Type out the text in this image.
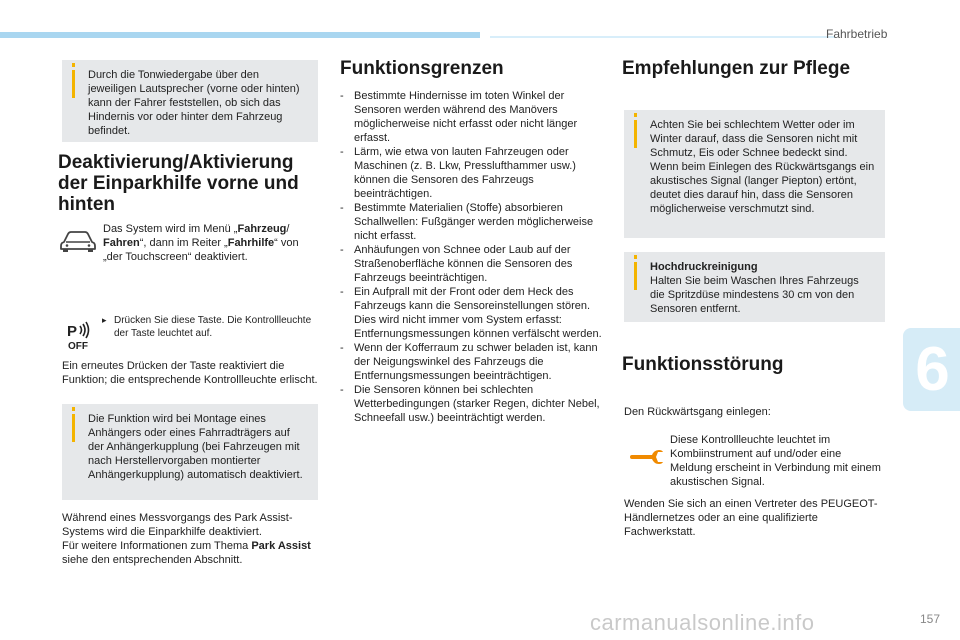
Fahrbetrieb
6
Durch die Tonwiedergabe über den jeweiligen Lautsprecher (vorne oder hinten) kann der Fahrer feststellen, ob sich das Hindernis vor oder hinter dem Fahrzeug befindet.
Deaktivierung/Aktivierung der Einparkhilfe vorne und hinten
Das System wird im Menü „Fahrzeug/ Fahren“, dann im Reiter „Fahrhilfe“ von „der Touchscreen“ deaktiviert.
P
OFF
▸ Drücken Sie diese Taste. Die Kontrollleuchte der Taste leuchtet auf.
Ein erneutes Drücken der Taste reaktiviert die Funktion; die entsprechende Kontrollleuchte erlischt.
Die Funktion wird bei Montage eines Anhängers oder eines Fahrradträgers auf der Anhängerkupplung (bei Fahrzeugen mit nach Herstellervorgaben montierter Anhängerkupplung) automatisch deaktiviert.
Während eines Messvorgangs des Park Assist-Systems wird die Einparkhilfe deaktiviert.
Für weitere Informationen zum Thema Park Assist siehe den entsprechenden Abschnitt.
Funktionsgrenzen
- Bestimmte Hindernisse im toten Winkel der Sensoren werden während des Manövers möglicherweise nicht erfasst oder nicht länger erfasst.
- Lärm, wie etwa von lauten Fahrzeugen oder Maschinen (z. B. Lkw, Presslufthammer usw.) können die Sensoren des Fahrzeugs beeinträchtigen.
- Bestimmte Materialien (Stoffe) absorbieren Schallwellen: Fußgänger werden möglicherweise nicht erfasst.
- Anhäufungen von Schnee oder Laub auf der Straßenoberfläche können die Sensoren des Fahrzeugs beeinträchtigen.
- Ein Aufprall mit der Front oder dem Heck des Fahrzeugs kann die Sensoreinstellungen stören. Dies wird nicht immer vom System erfasst: Entfernungsmessungen können verfälscht werden.
- Wenn der Kofferraum zu schwer beladen ist, kann der Neigungswinkel des Fahrzeugs die Entfernungsmessungen beeinträchtigen.
- Die Sensoren können bei schlechten Wetterbedingungen (starker Regen, dichter Nebel, Schneefall usw.) beeinträchtigt werden.
Empfehlungen zur Pflege
Achten Sie bei schlechtem Wetter oder im Winter darauf, dass die Sensoren nicht mit Schmutz, Eis oder Schnee bedeckt sind. Wenn beim Einlegen des Rückwärtsgangs ein akustisches Signal (langer Piepton) ertönt, deutet dies darauf hin, dass die Sensoren möglicherweise verschmutzt sind.
Hochdruckreinigung
Halten Sie beim Waschen Ihres Fahrzeugs die Spritzdüse mindestens 30 cm von den Sensoren entfernt.
Funktionsstörung
Den Rückwärtsgang einlegen:
Diese Kontrollleuchte leuchtet im Kombiinstrument auf und/oder eine Meldung erscheint in Verbindung mit einem akustischen Signal.
Wenden Sie sich an einen Vertreter des PEUGEOT-Händlernetzes oder an eine qualifizierte Fachwerkstatt.
carmanualsonline.info	157
